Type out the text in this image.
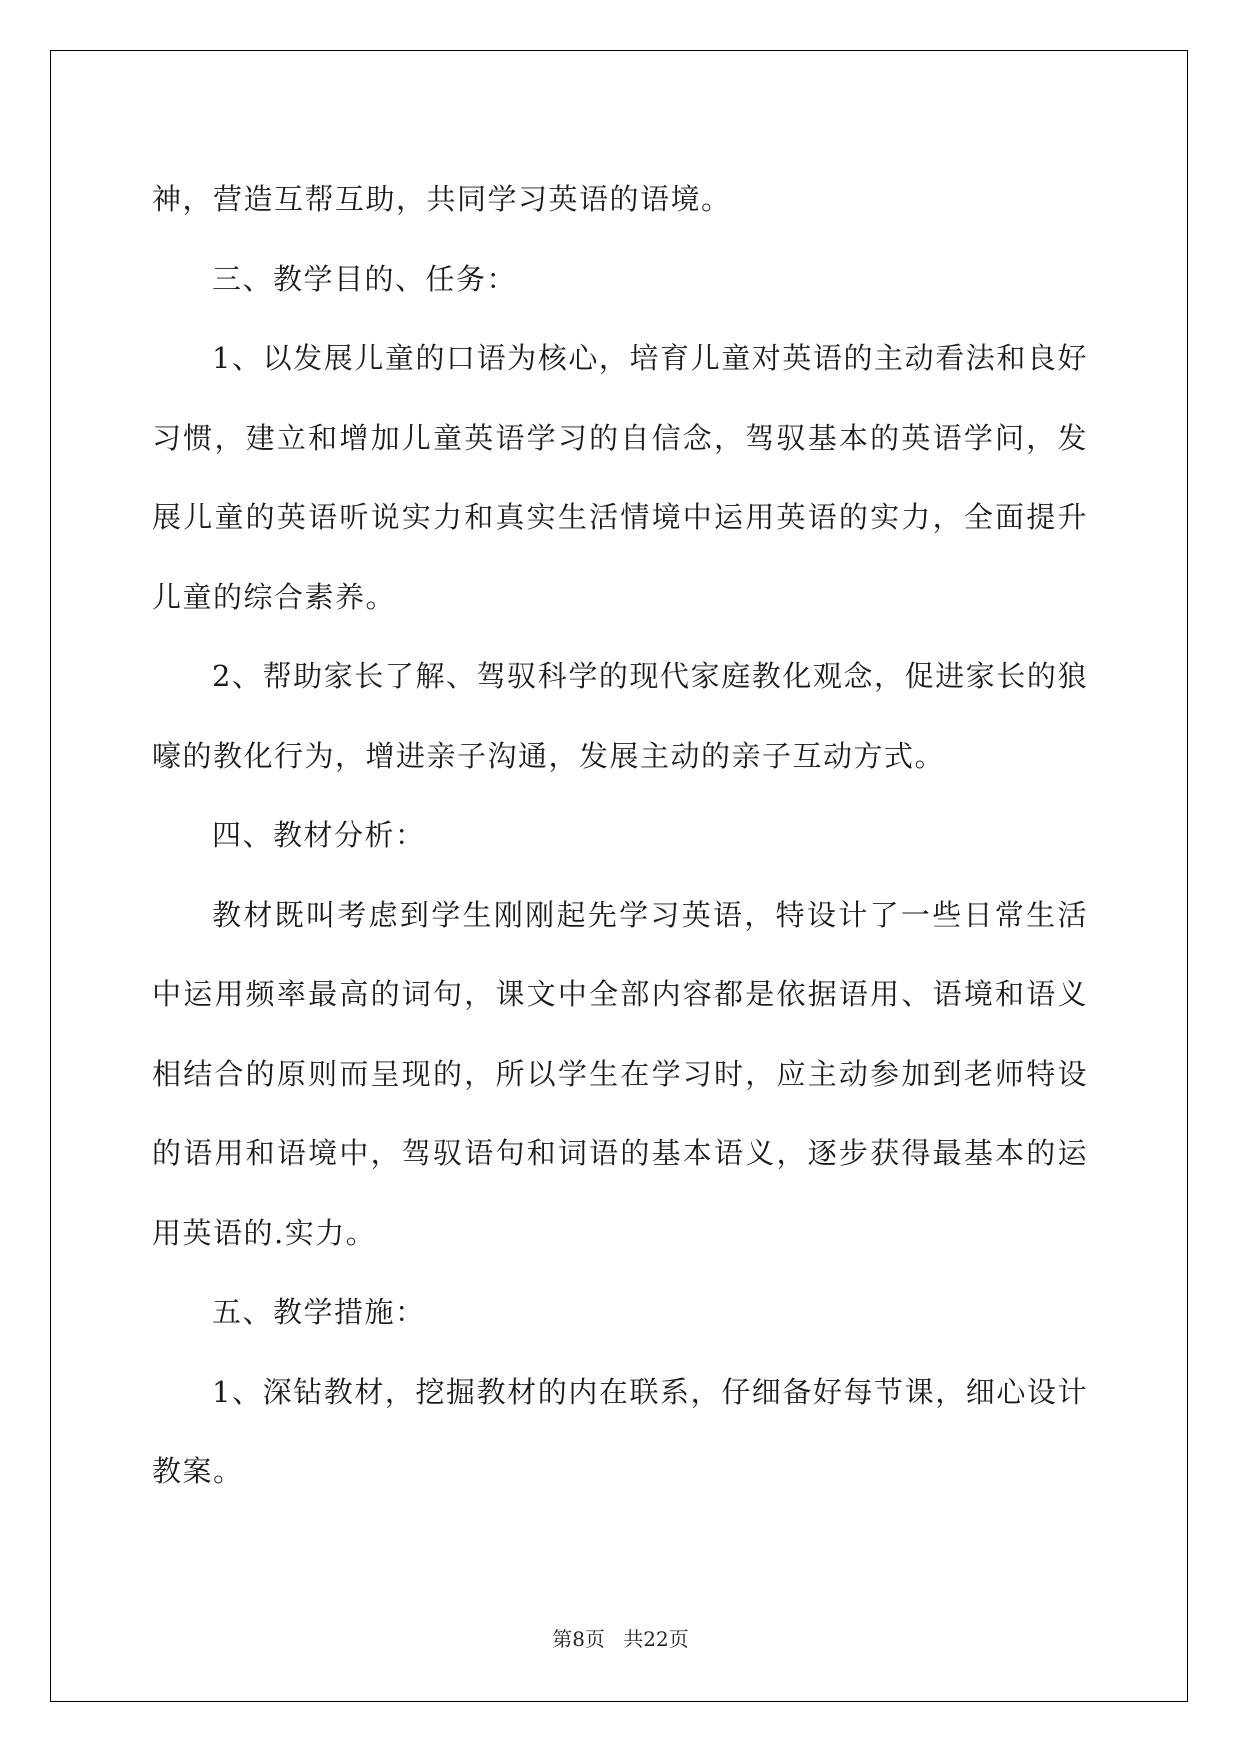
神，营造互帮互助，共同学习英语的语境。

三、教学目的、任务：

1、以发展儿童的口语为核心，培育儿童对英语的主动看法和良好习惯，建立和增加儿童英语学习的自信念，驾驭基本的英语学问，发展儿童的英语听说实力和真实生活情境中运用英语的实力，全面提升儿童的综合素养。

2、帮助家长了解、驾驭科学的现代家庭教化观念，促进家长的狼嚎的教化行为，增进亲子沟通，发展主动的亲子互动方式。

四、教材分析：

教材既叫考虑到学生刚刚起先学习英语，特设计了一些日常生活中运用频率最高的词句，课文中全部内容都是依据语用、语境和语义相结合的原则而呈现的，所以学生在学习时，应主动参加到老师特设的语用和语境中，驾驭语句和词语的基本语义，逐步获得最基本的运用英语的.实力。

五、教学措施：

1、深钻教材，挖掘教材的内在联系，仔细备好每节课，细心设计教案。

第8页 共22页
